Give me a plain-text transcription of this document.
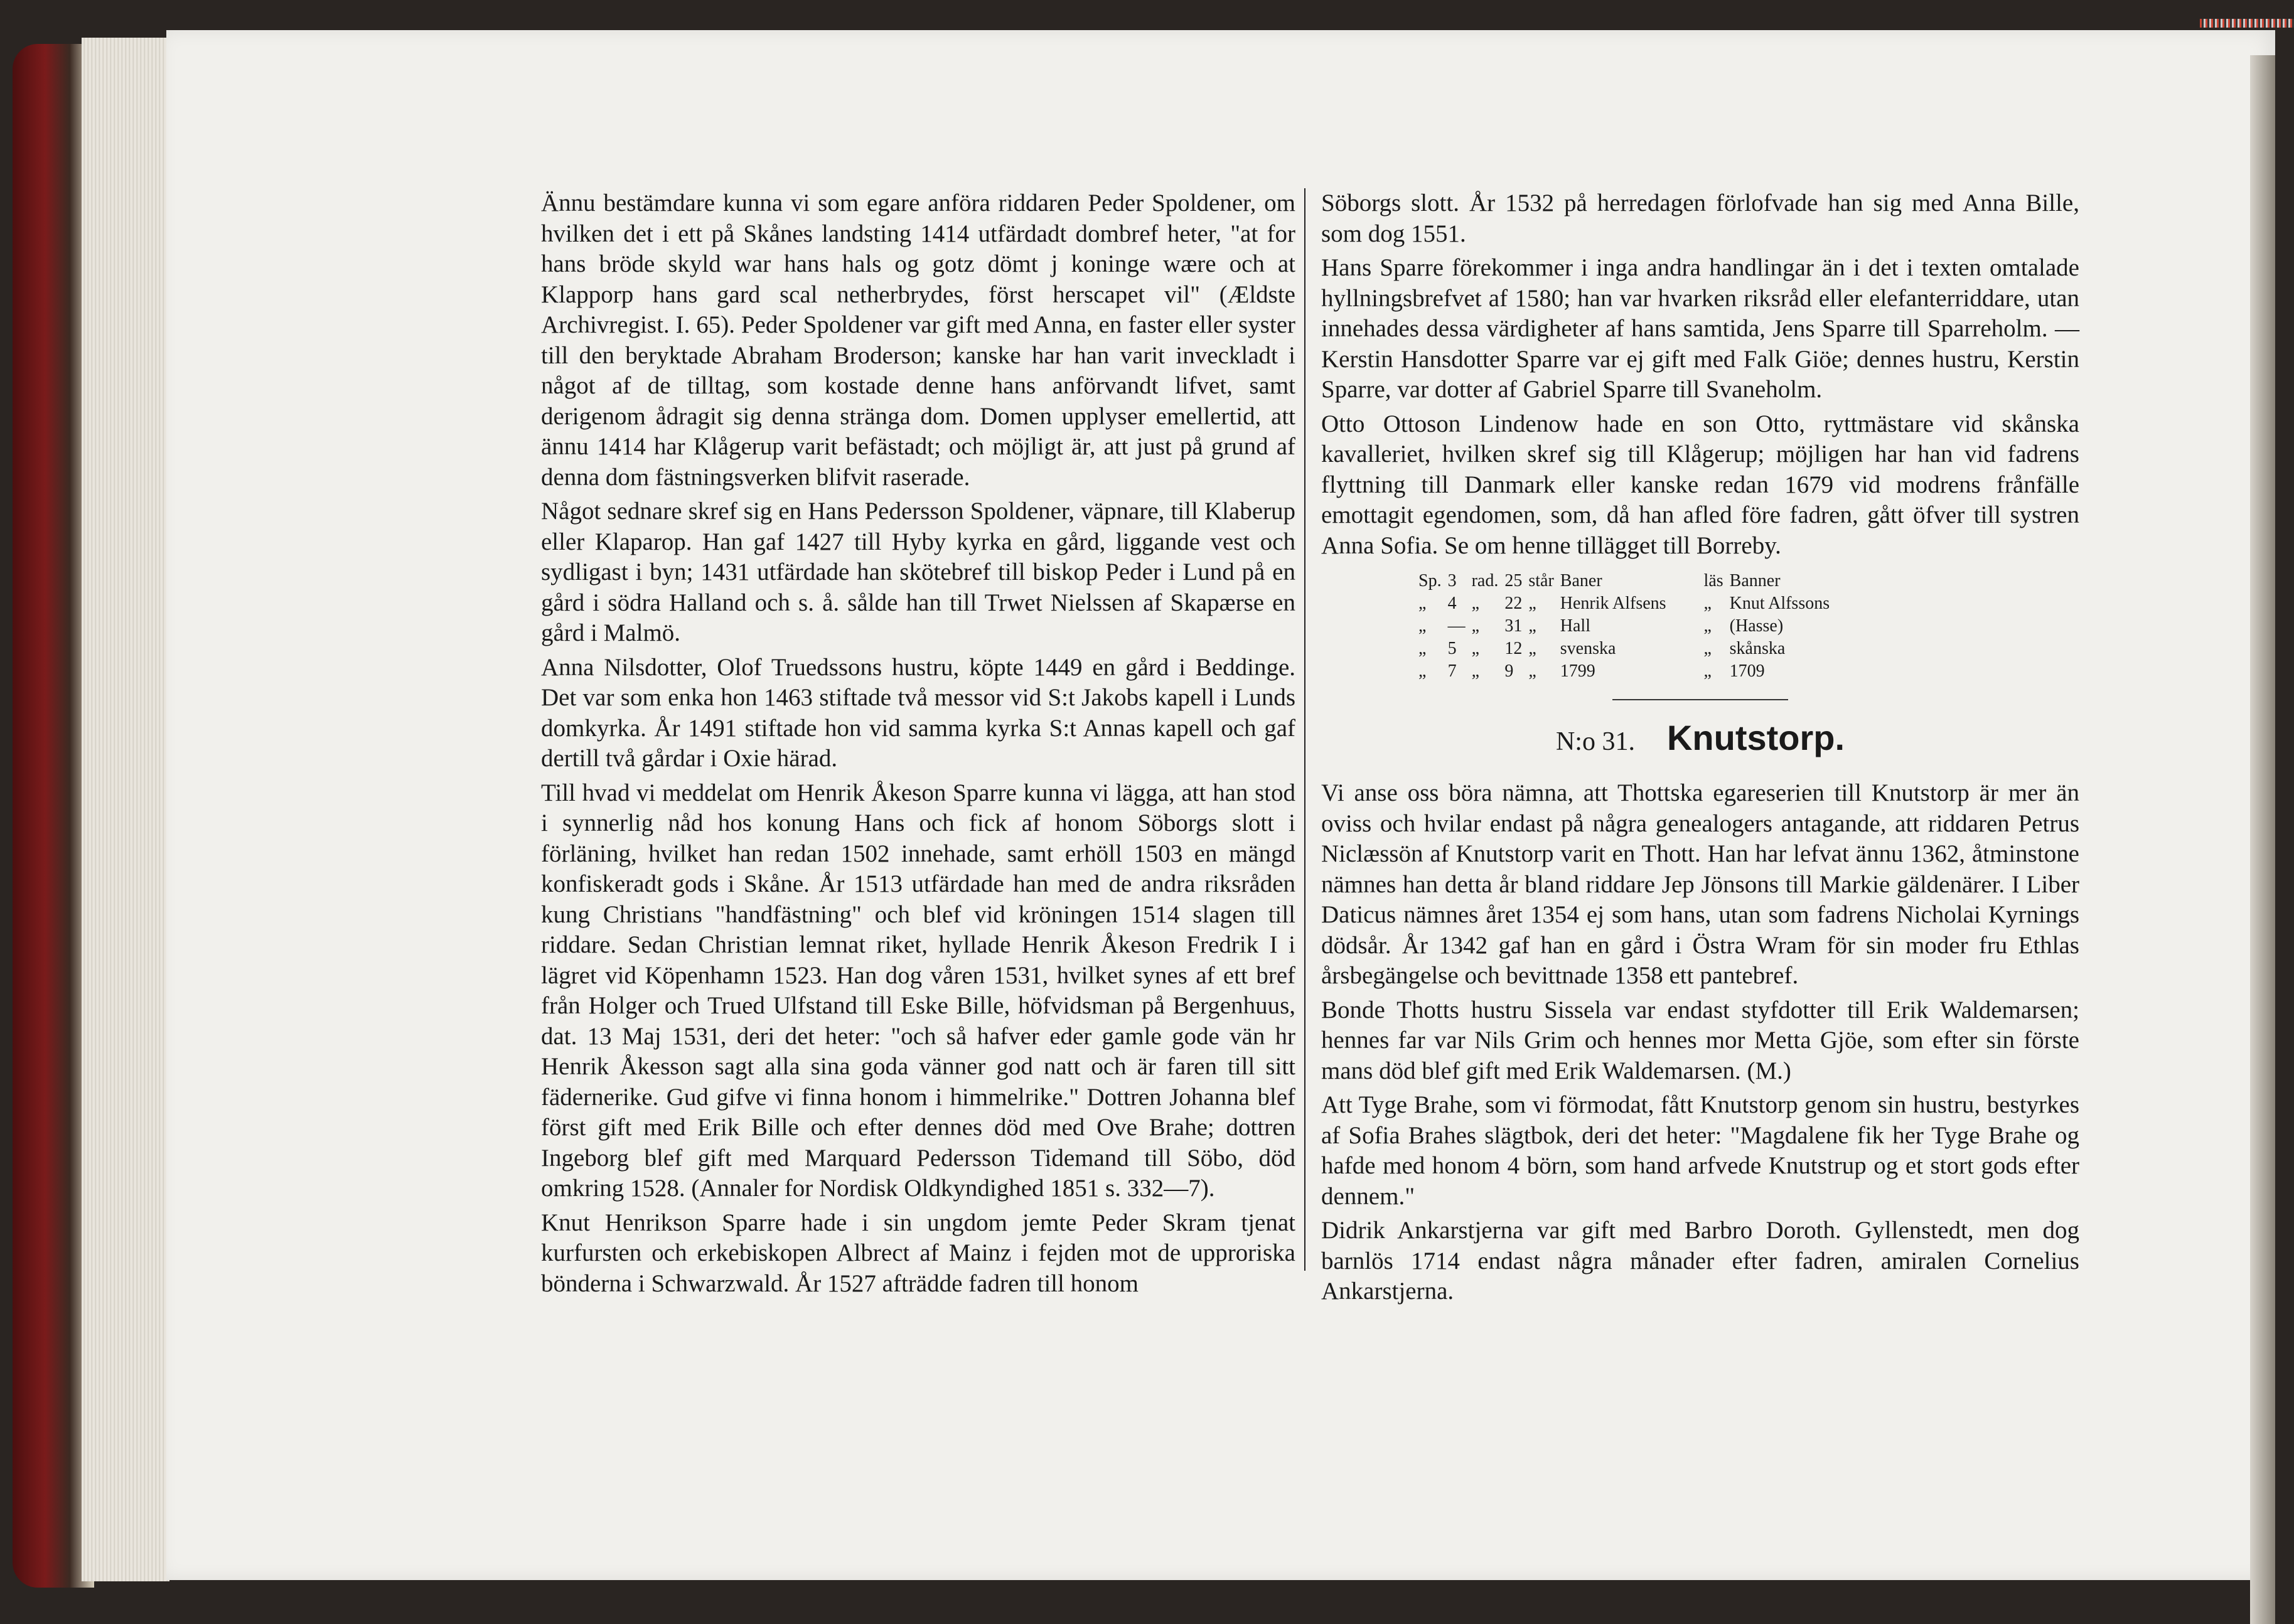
Ännu bestämdare kunna vi som egare anföra riddaren Peder Spoldener, om hvilken det i ett på Skånes landsting 1414 utfärdadt dombref heter, "at for hans bröde skyld war hans hals og gotz dömt j koninge wære och at Klapporp hans gard scal netherbrydes, först herscapet vil" (Ældste Archivregist. I. 65). Peder Spoldener var gift med Anna, en faster eller syster till den beryktade Abraham Broderson; kanske har han varit inveckladt i något af de tilltag, som kostade denne hans anförvandt lifvet, samt derigenom ådragit sig denna stränga dom. Domen upplyser emellertid, att ännu 1414 har Klågerup varit befästadt; och möjligt är, att just på grund af denna dom fästningsverken blifvit raserade.

Något sednare skref sig en Hans Pedersson Spoldener, väpnare, till Klaberup eller Klaparop. Han gaf 1427 till Hyby kyrka en gård, liggande vest och sydligast i byn; 1431 utfärdade han skötebref till biskop Peder i Lund på en gård i södra Halland och s. å. sålde han till Trwet Nielssen af Skapærse en gård i Malmö.

Anna Nilsdotter, Olof Truedssons hustru, köpte 1449 en gård i Beddinge. Det var som enka hon 1463 stiftade två messor vid S:t Jakobs kapell i Lunds domkyrka. År 1491 stiftade hon vid samma kyrka S:t Annas kapell och gaf dertill två gårdar i Oxie härad.

Till hvad vi meddelat om Henrik Åkeson Sparre kunna vi lägga, att han stod i synnerlig nåd hos konung Hans och fick af honom Söborgs slott i förläning, hvilket han redan 1502 innehade, samt erhöll 1503 en mängd konfiskeradt gods i Skåne. År 1513 utfärdade han med de andra riksråden kung Christians "handfästning" och blef vid kröningen 1514 slagen till riddare. Sedan Christian lemnat riket, hyllade Henrik Åkeson Fredrik I i lägret vid Köpenhamn 1523. Han dog våren 1531, hvilket synes af ett bref från Holger och Trued Ulfstand till Eske Bille, höfvidsman på Bergenhuus, dat. 13 Maj 1531, deri det heter: "och så hafver eder gamle gode vän hr Henrik Åkesson sagt alla sina goda vänner god natt och är faren till sitt fädernerike. Gud gifve vi finna honom i himmelrike." Dottren Johanna blef först gift med Erik Bille och efter dennes död med Ove Brahe; dottren Ingeborg blef gift med Marquard Pedersson Tidemand till Söbo, död omkring 1528. (Annaler for Nordisk Oldkyndighed 1851 s. 332—7).

Knut Henrikson Sparre hade i sin ungdom jemte Peder Skram tjenat kurfursten och erkebiskopen Albrect af Mainz i fejden mot de upproriska bönderna i Schwarzwald. År 1527 afträdde fadren till honom

Söborgs slott. År 1532 på herredagen förlofvade han sig med Anna Bille, som dog 1551.

Hans Sparre förekommer i inga andra handlingar än i det i texten omtalade hyllningsbrefvet af 1580; han var hvarken riksråd eller elefanterriddare, utan innehades dessa värdigheter af hans samtida, Jens Sparre till Sparreholm. — Kerstin Hansdotter Sparre var ej gift med Falk Giöe; dennes hustru, Kerstin Sparre, var dotter af Gabriel Sparre till Svaneholm.

Otto Ottoson Lindenow hade en son Otto, ryttmästare vid skånska kavalleriet, hvilken skref sig till Klågerup; möjligen har han vid fadrens flyttning till Danmark eller kanske redan 1679 vid modrens frånfälle emottagit egendomen, som, då han afled före fadren, gått öfver till systren Anna Sofia. Se om henne tillägget till Borreby.

Sp.	3	rad.	25	står	Baner	läs	Banner
„	4	„	22	„	Henrik Alfsens	„	Knut Alfssons
„	—	„	31	„	Hall	„	(Hasse)
„	5	„	12	„	svenska	„	skånska
„	7	„	9	„	1799	„	1709
N:o 31. Knutstorp.

Vi anse oss böra nämna, att Thottska egareserien till Knutstorp är mer än oviss och hvilar endast på några genealogers antagande, att riddaren Petrus Niclæssön af Knutstorp varit en Thott. Han har lefvat ännu 1362, åtminstone nämnes han detta år bland riddare Jep Jönsons till Markie gäldenärer. I Liber Daticus nämnes året 1354 ej som hans, utan som fadrens Nicholai Kyrnings dödsår. År 1342 gaf han en gård i Östra Wram för sin moder fru Ethlas årsbegängelse och bevittnade 1358 ett pantebref.

Bonde Thotts hustru Sissela var endast styfdotter till Erik Waldemarsen; hennes far var Nils Grim och hennes mor Metta Gjöe, som efter sin förste mans död blef gift med Erik Waldemarsen. (M.)

Att Tyge Brahe, som vi förmodat, fått Knutstorp genom sin hustru, bestyrkes af Sofia Brahes slägtbok, deri det heter: "Magdalene fik her Tyge Brahe og hafde med honom 4 börn, som hand arfvede Knutstrup og et stort gods efter dennem."

Didrik Ankarstjerna var gift med Barbro Doroth. Gyllenstedt, men dog barnlös 1714 endast några månader efter fadren, amiralen Cornelius Ankarstjerna.
